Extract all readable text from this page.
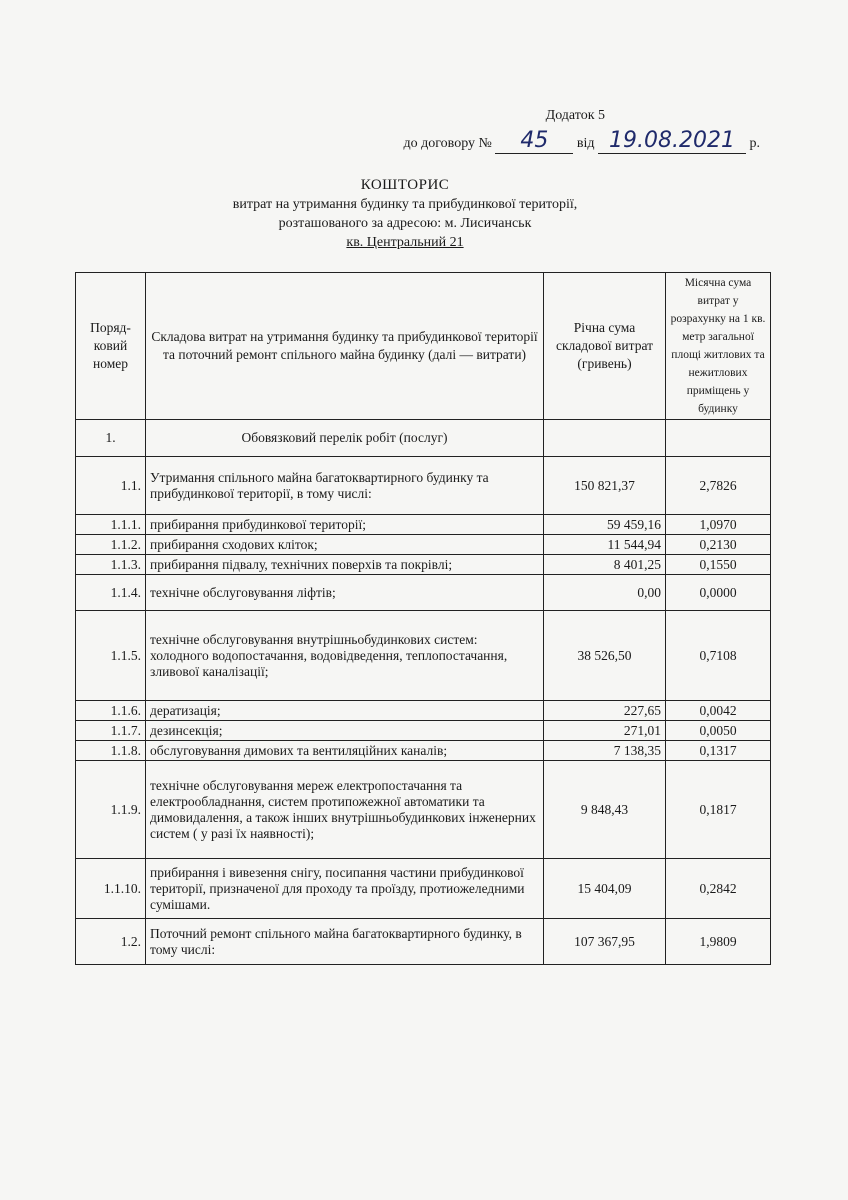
Додаток 5
до договору № 45 від 19.08.2021 р.
КОШТОРИС
витрат на утримання будинку та прибудинкової території,
розташованого за адресою: м. Лисичанськ
кв. Центральний 21
Поряд-ковий номер	Складова витрат на утримання будинку та прибудинкової території та поточний ремонт спільного майна будинку (далі — витрати)	Річна сума складової витрат (гривень)	Місячна сума витрат у розрахунку на 1 кв. метр загальної площі житлових та нежитлових приміщень у будинку
1.	Обовязковий перелік робіт (послуг)		
1.1.	Утримання спільного майна багатоквартирного будинку та прибудинкової території, в тому числі:	150 821,37	2,7826
1.1.1.	прибирання прибудинкової території;	59 459,16	1,0970
1.1.2.	прибирання сходових кліток;	11 544,94	0,2130
1.1.3.	прибирання підвалу, технічних поверхів та покрівлі;	8 401,25	0,1550
1.1.4.	технічне обслуговування ліфтів;	0,00	0,0000
1.1.5.	технічне обслуговування внутрішньобудинкових систем: холодного водопостачання, водовідведення, теплопостачання, зливової каналізації;	38 526,50	0,7108
1.1.6.	дератизація;	227,65	0,0042
1.1.7.	дезинсекція;	271,01	0,0050
1.1.8.	обслуговування димових та вентиляційних каналів;	7 138,35	0,1317
1.1.9.	технічне обслуговування мереж електропостачання та електрообладнання, систем протипожежної автоматики та димовидалення, а також інших внутрішньобудинкових інженерних систем ( у разі їх наявності);	9 848,43	0,1817
1.1.10.	прибирання і вивезення снігу, посипання частини прибудинкової території, призначеної для проходу та проїзду, протиожеледними сумішами.	15 404,09	0,2842
1.2.	Поточний ремонт спільного майна багатоквартирного будинку, в тому числі:	107 367,95	1,9809
